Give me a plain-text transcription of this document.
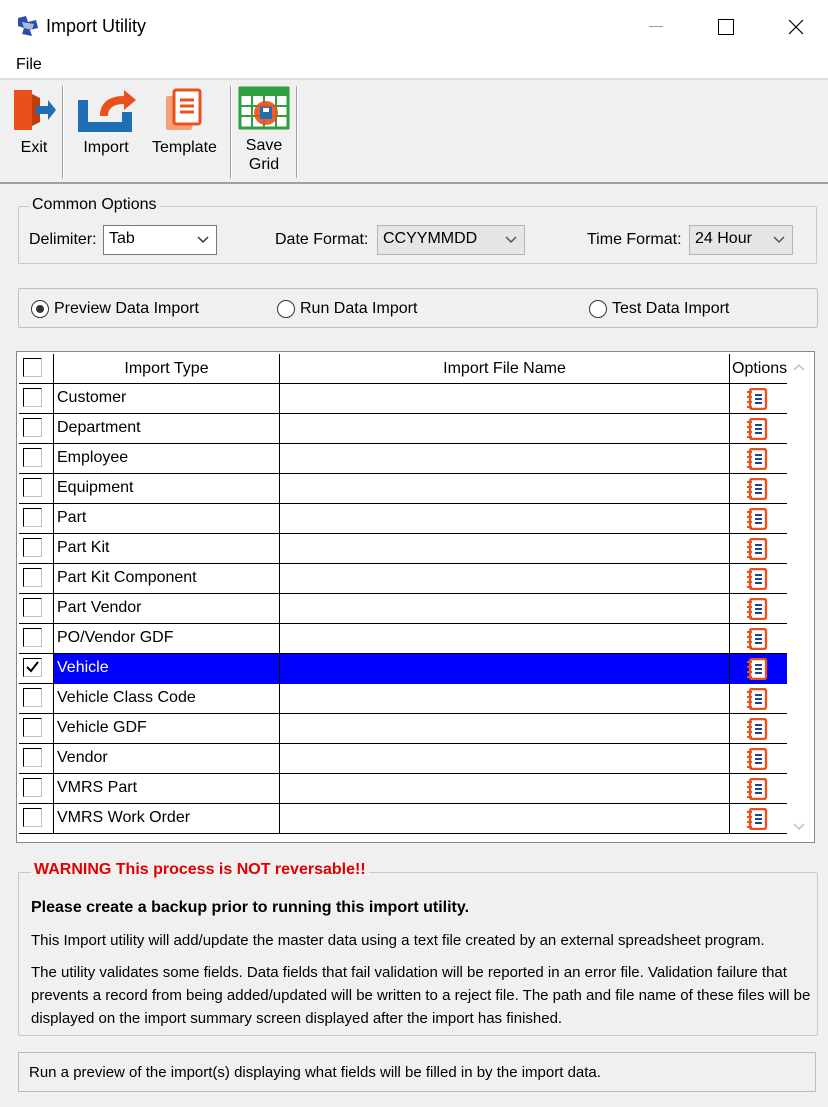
Import Utility
File
Exit Import Template Save
Grid
Common Options
Delimiter: Tab	Date Format: CCYYMMDD	Time Format: 24 Hour
Preview Data Import	Run Data Import	Test Data Import
Import Type	Import File Name	Options
Customer
Department
Employee
Equipment
Part
Part Kit
Part Kit Component
Part Vendor
PO/Vendor GDF
Vehicle
Vehicle Class Code
Vehicle GDF
Vendor
VMRS Part
VMRS Work Order
WARNING This process is NOT reversable!!
Please create a backup prior to running this import utility.
This Import utility will add/update the master data using a text file created by an external spreadsheet program.
The utility validates some fields. Data fields that fail validation will be reported in an error file. Validation failure that prevents a record from being added/updated will be written to a reject file. The path and file name of these files will be displayed on the import summary screen displayed after the import has finished.
Run a preview of the import(s) displaying what fields will be filled in by the import data.
